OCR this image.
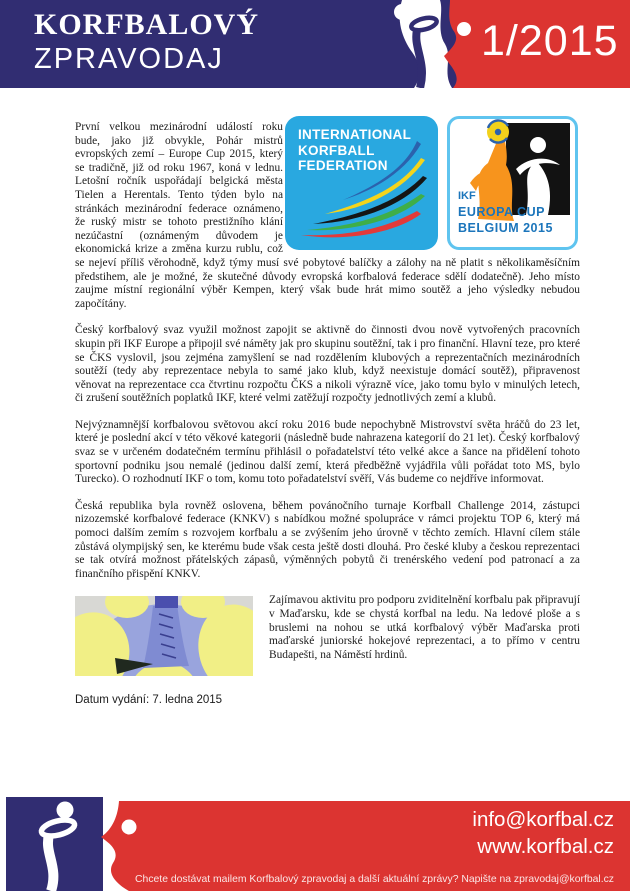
KORFBALOVÝ
ZPRAVODAJ	1/2015
INTERNATIONAL
KORFBALL
FEDERATION
IKF
EUROPA CUP
BELGIUM 2015
První velkou mezinárodní událostí roku bude, jako již obvykle, Pohár mistrů evropských zemí – Europe Cup 2015, který se tradičně, již od roku 1967, koná v lednu. Letošní ročník uspořádají belgická města Tielen a Herentals. Tento týden bylo na stránkách mezinárodní federace oznámeno, že ruský mistr se tohoto prestižního klání nezúčastní (oznámeným důvodem je ekonomická krize a změna kurzu rublu, což se nejeví příliš věrohodně, když týmy musí své pobytové balíčky a zálohy na ně platit s několikaměsíčním předstihem, ale je možné, že skutečné důvody evropská korfbalová federace sdělí dodatečně). Jeho místo zaujme místní regionální výběr Kempen, který však bude hrát mimo soutěž a jeho výsledky nebudou započítány.
Český korfbalový svaz využil možnost zapojit se aktivně do činnosti dvou nově vytvořených pracovních skupin při IKF Europe a připojil své náměty jak pro skupinu soutěžní, tak i pro finanční. Hlavní teze, pro které se ČKS vyslovil, jsou zejména zamyšlení se nad rozdělením klubových a reprezentačních mezinárodních soutěží (tedy aby reprezentace nebyla to samé jako klub, když neexistuje domácí soutěž), připravenost věnovat na reprezentace cca čtvrtinu rozpočtu ČKS a nikoli výrazně více, jako tomu bylo v minulých letech, či zrušení soutěžních poplatků IKF, které velmi zatěžují rozpočty jednotlivých zemí a klubů.
Nejvýznamnější korfbalovou světovou akcí roku 2016 bude nepochybně Mistrovství světa hráčů do 23 let, které je poslední akcí v této věkové kategorii (následně bude nahrazena kategorií do 21 let). Český korfbalový svaz se v určeném dodatečném termínu přihlásil o pořadatelství této velké akce a šance na přidělení tohoto sportovní podniku jsou nemalé (jedinou další zemí, která předběžně vyjádřila vůli pořádat toto MS, bylo Turecko). O rozhodnutí IKF o tom, komu toto pořadatelství svěří, Vás budeme co nejdříve informovat.
Česká republika byla rovněž oslovena, během povánočního turnaje Korfball Challenge 2014, zástupci nizozemské korfbalové federace (KNKV) s nabídkou možné spolupráce v rámci projektu TOP 6, který má pomoci dalším zemím s rozvojem korfbalu a se zvýšením jeho úrovně v těchto zemích. Hlavní cílem stále zůstává olympijský sen, ke kterému bude však cesta ještě dosti dlouhá. Pro české kluby a českou reprezentaci se tak otvírá možnost přátelských zápasů, výměnných pobytů či trenérského vedení pod patronací a za finančního přispění KNKV.
Zajímavou aktivitu pro podporu zviditelnění korfbalu pak připravují v Maďarsku, kde se chystá korfbal na ledu. Na ledové ploše a s bruslemi na nohou se utká korfbalový výběr Maďarska proti maďarské juniorské hokejové reprezentaci, a to přímo v centru Budapešti, na Náměstí hrdinů.
Datum vydání: 7. ledna 2015
info@korfbal.cz
www.korfbal.cz
Chcete dostávat mailem Korfbalový zpravodaj a další aktuální zprávy? Napište na zpravodaj@korfbal.cz
